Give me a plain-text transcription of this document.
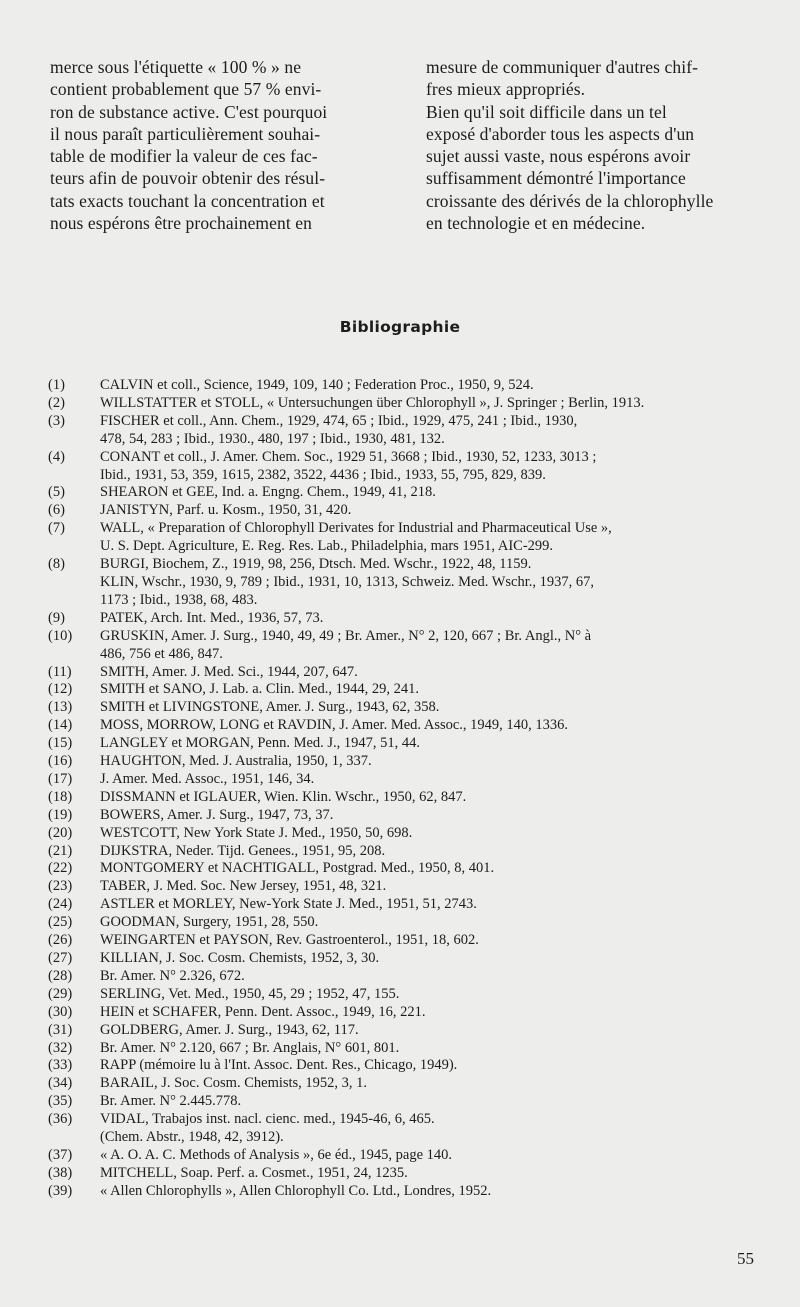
merce sous l'étiquette « 100 % » ne
contient probablement que 57 % envi-
ron de substance active. C'est pourquoi
il nous paraît particulièrement souhai-
table de modifier la valeur de ces fac-
teurs afin de pouvoir obtenir des résul-
tats exacts touchant la concentration et
nous espérons être prochainement en
mesure de communiquer d'autres chif-
fres mieux appropriés.
Bien qu'il soit difficile dans un tel
exposé d'aborder tous les aspects d'un
sujet aussi vaste, nous espérons avoir
suffisamment démontré l'importance
croissante des dérivés de la chlorophylle
en technologie et en médecine.
Bibliographie
(1)	CALVIN et coll., Science, 1949, 109, 140 ; Federation Proc., 1950, 9, 524.
(2)	WILLSTATTER et STOLL, « Untersuchungen über Chlorophyll », J. Springer ; Berlin, 1913.
(3)	FISCHER et coll., Ann. Chem., 1929, 474, 65 ; Ibid., 1929, 475, 241 ; Ibid., 1930,
478, 54, 283 ; Ibid., 1930., 480, 197 ; Ibid., 1930, 481, 132.
(4)	CONANT et coll., J. Amer. Chem. Soc., 1929 51, 3668 ; Ibid., 1930, 52, 1233, 3013 ;
Ibid., 1931, 53, 359, 1615, 2382, 3522, 4436 ; Ibid., 1933, 55, 795, 829, 839.
(5)	SHEARON et GEE, Ind. a. Engng. Chem., 1949, 41, 218.
(6)	JANISTYN, Parf. u. Kosm., 1950, 31, 420.
(7)	WALL, « Preparation of Chlorophyll Derivates for Industrial and Pharmaceutical Use »,
U. S. Dept. Agriculture, E. Reg. Res. Lab., Philadelphia, mars 1951, AIC-299.
(8)	BURGI, Biochem, Z., 1919, 98, 256, Dtsch. Med. Wschr., 1922, 48, 1159.
KLIN, Wschr., 1930, 9, 789 ; Ibid., 1931, 10, 1313, Schweiz. Med. Wschr., 1937, 67,
1173 ; Ibid., 1938, 68, 483.
(9)	PATEK, Arch. Int. Med., 1936, 57, 73.
(10)	GRUSKIN, Amer. J. Surg., 1940, 49, 49 ; Br. Amer., N° 2, 120, 667 ; Br. Angl., N° à
486, 756 et 486, 847.
(11)	SMITH, Amer. J. Med. Sci., 1944, 207, 647.
(12)	SMITH et SANO, J. Lab. a. Clin. Med., 1944, 29, 241.
(13)	SMITH et LIVINGSTONE, Amer. J. Surg., 1943, 62, 358.
(14)	MOSS, MORROW, LONG et RAVDIN, J. Amer. Med. Assoc., 1949, 140, 1336.
(15)	LANGLEY et MORGAN, Penn. Med. J., 1947, 51, 44.
(16)	HAUGHTON, Med. J. Australia, 1950, 1, 337.
(17)	J. Amer. Med. Assoc., 1951, 146, 34.
(18)	DISSMANN et IGLAUER, Wien. Klin. Wschr., 1950, 62, 847.
(19)	BOWERS, Amer. J. Surg., 1947, 73, 37.
(20)	WESTCOTT, New York State J. Med., 1950, 50, 698.
(21)	DIJKSTRA, Neder. Tijd. Genees., 1951, 95, 208.
(22)	MONTGOMERY et NACHTIGALL, Postgrad. Med., 1950, 8, 401.
(23)	TABER, J. Med. Soc. New Jersey, 1951, 48, 321.
(24)	ASTLER et MORLEY, New-York State J. Med., 1951, 51, 2743.
(25)	GOODMAN, Surgery, 1951, 28, 550.
(26)	WEINGARTEN et PAYSON, Rev. Gastroenterol., 1951, 18, 602.
(27)	KILLIAN, J. Soc. Cosm. Chemists, 1952, 3, 30.
(28)	Br. Amer. N° 2.326, 672.
(29)	SERLING, Vet. Med., 1950, 45, 29 ; 1952, 47, 155.
(30)	HEIN et SCHAFER, Penn. Dent. Assoc., 1949, 16, 221.
(31)	GOLDBERG, Amer. J. Surg., 1943, 62, 117.
(32)	Br. Amer. N° 2.120, 667 ; Br. Anglais, N° 601, 801.
(33)	RAPP (mémoire lu à l'Int. Assoc. Dent. Res., Chicago, 1949).
(34)	BARAIL, J. Soc. Cosm. Chemists, 1952, 3, 1.
(35)	Br. Amer. N° 2.445.778.
(36)	VIDAL, Trabajos inst. nacl. cienc. med., 1945-46, 6, 465.
(Chem. Abstr., 1948, 42, 3912).
(37)	« A. O. A. C. Methods of Analysis », 6e éd., 1945, page 140.
(38)	MITCHELL, Soap. Perf. a. Cosmet., 1951, 24, 1235.
(39)	« Allen Chlorophylls », Allen Chlorophyll Co. Ltd., Londres, 1952.
55
